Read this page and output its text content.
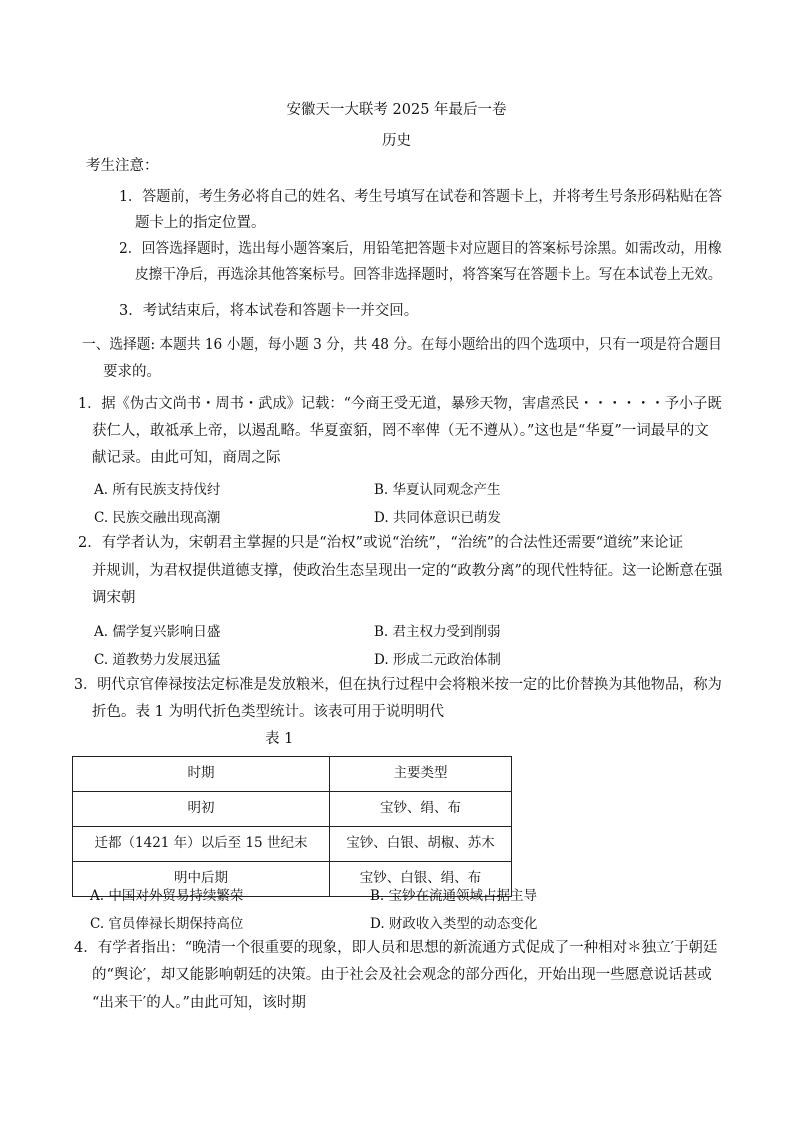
安徽天一大联考 2025 年最后一卷
历史
考生注意：
1．答题前，考生务必将自己的姓名、考生号填写在试卷和答题卡上，并将考生号条形码粘贴在答
题卡上的指定位置。
2．回答选择题时，选出每小题答案后，用铅笔把答题卡对应题目的答案标号涂黑。如需改动，用橡
皮擦干净后，再选涂其他答案标号。回答非选择题时，将答案写在答题卡上。写在本试卷上无效。
3．考试结束后，将本试卷和答题卡一并交回。
一、选择题: 本题共 16 小题，每小题 3 分，共 48 分。在每小题给出的四个选项中，只有一项是符合题目
要求的。
1．据《伪古文尚书・周书・武成》记载：“今商王受无道，暴殄天物，害虐烝民・・・・・・予小子既
获仁人，敢祗承上帝，以遏乱略。华夏蛮貊，罔不率俾（无不遵从）。”这也是“华夏”一词最早的文
献记录。由此可知，商周之际
A. 所有民族支持伐纣	B. 华夏认同观念产生
C. 民族交融出现高潮	D. 共同体意识已萌发
2．有学者认为，宋朝君主掌握的只是“治权”或说“治统”，“治统”的合法性还需要“道统”来论证
并规训，为君权提供道德支撑，使政治生态呈现出一定的“政教分离”的现代性特征。这一论断意在强
调宋朝
A. 儒学复兴影响日盛	B. 君主权力受到削弱
C. 道教势力发展迅猛	D. 形成二元政治体制
3．明代京官俸禄按法定标准是发放粮米，但在执行过程中会将粮米按一定的比价替换为其他物品，称为
折色。表 1 为明代折色类型统计。该表可用于说明明代
表 1
时期	主要类型
明初	宝钞、绢、布
迁都（1421 年）以后至 15 世纪末	宝钞、白银、胡椒、苏木
明中后期	宝钞、白银、绢、布
A. 中国对外贸易持续繁荣	B. 宝钞在流通领域占据主导
C. 官员俸禄长期保持高位	D. 财政收入类型的动态变化
4．有学者指出：“晚清一个很重要的现象，即人员和思想的新流通方式促成了一种相对＊独立′于朝廷
的“舆论′，却又能影响朝廷的决策。由于社会及社会观念的部分西化，开始出现一些愿意说话甚或
“出来干′的人。”由此可知，该时期
